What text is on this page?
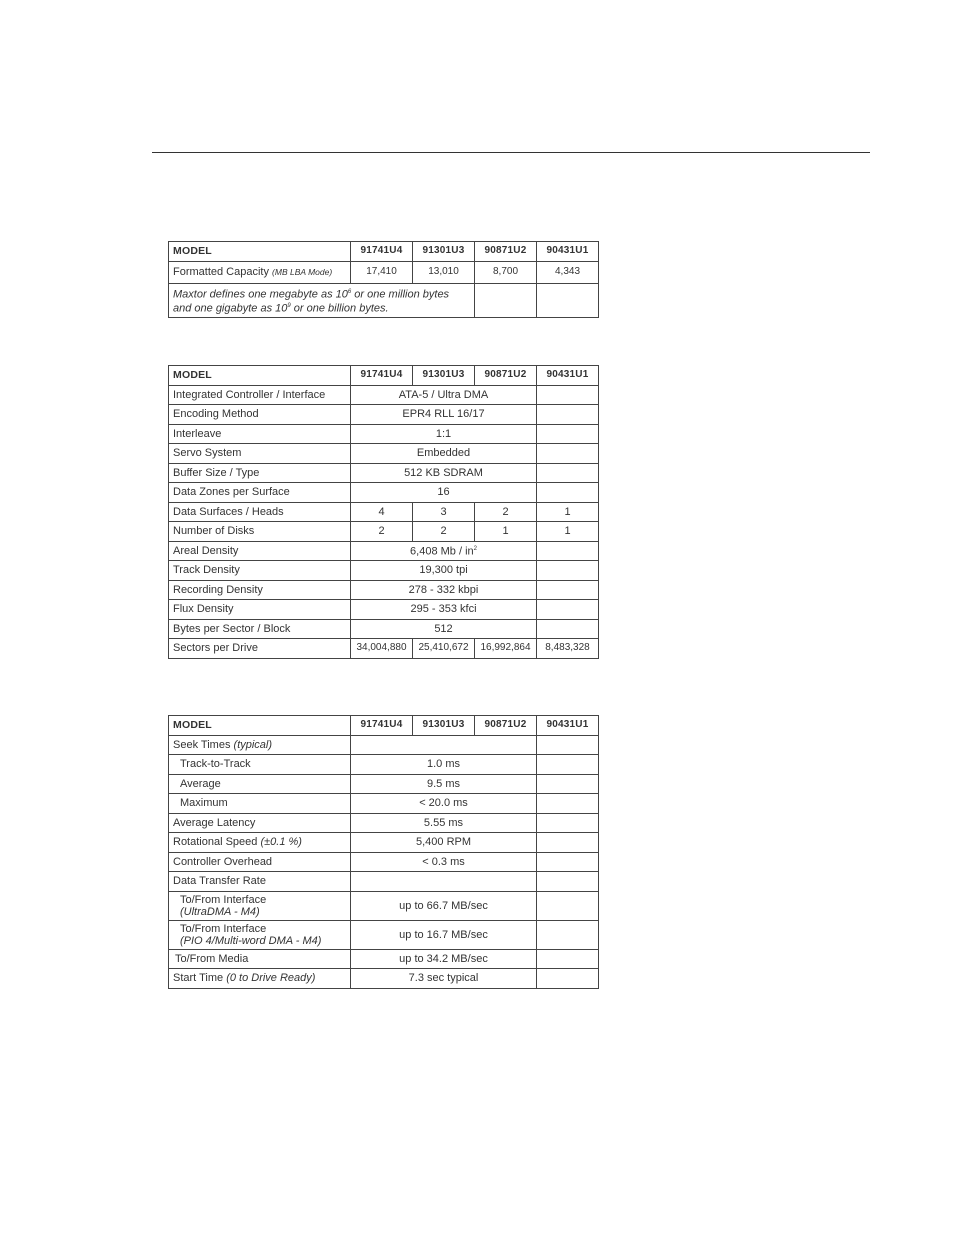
MODEL	91741U4	91301U3	90871U2	90431U1
Formatted Capacity (MB LBA Mode)	17,410	13,010	8,700	4,343
Maxtor defines one megabyte as $10^6$ or one million bytes and one gigabyte as $10^9$ or one billion bytes.				
MODEL	91741U4	91301U3	90871U2	90431U1
Integrated Controller / Interface	ATA-5 / Ultra DMA			
Encoding Method	EPR4 RLL 16/17			
Interleave	1:1			
Servo System	Embedded			
Buffer Size / Type	512 KB SDRAM			
Data Zones per Surface	16			
Data Surfaces / Heads	4	3	2	1
Number of Disks	2	2	1	1
Areal Density	6,408 Mb / $in^2$	
Track Density	19,300 tpi			
Recording Density	278 - 332 kbpi			
Flux Density	295 - 353 kfci			
Bytes per Sector / Block	512			
Sectors per Drive	34,004,880	25,410,672	16,992,864	8,483,328
MODEL	91741U4	91301U3	90871U2	90431U1
Seek Times (typical)				
Track-to-Track	1.0 ms			
Average	9.5 ms			
Maximum	< 20.0 ms			
Average Latency	5.55 ms			
Rotational Speed (±0.1 %)	5,400 RPM			
Controller Overhead	< 0.3 ms			
Data Transfer Rate				

To/From Interface
(UltraDMA - M4)	up to 66.7 MB/sec			

To/From Interface
(PIO 4/Multi-word DMA - M4)	up to 16.7 MB/sec			
To/From Media	up to 34.2 MB/sec			
Start Time (0 to Drive Ready)	7.3 sec typical			
